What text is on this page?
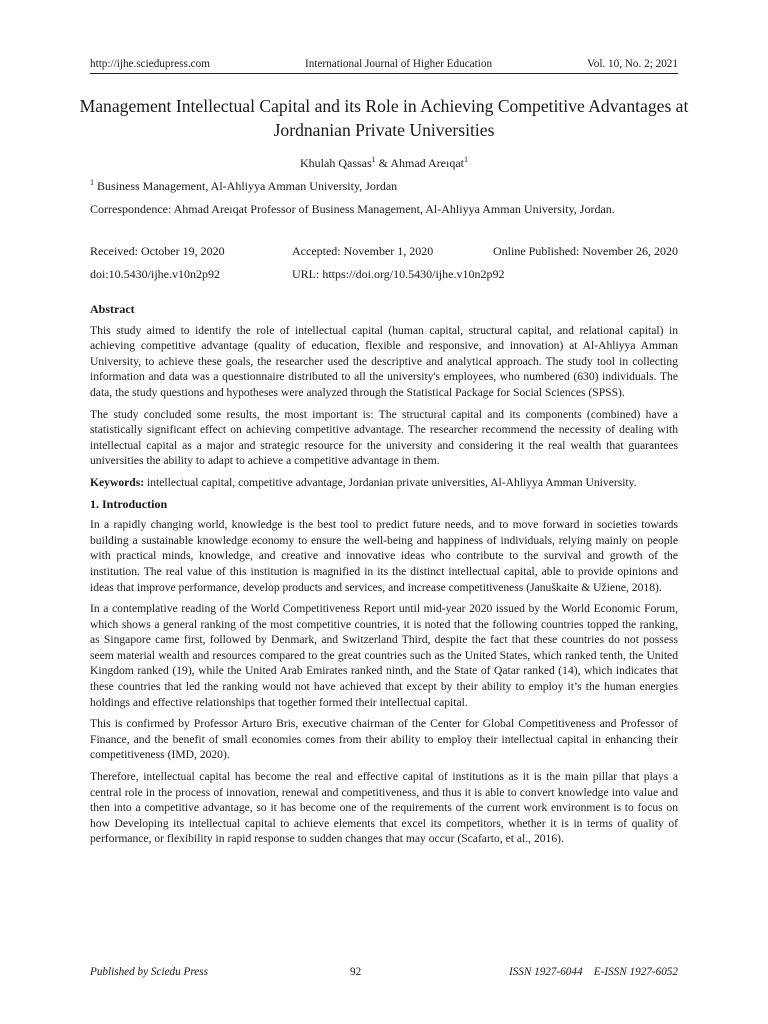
http://ijhe.sciedupress.com	International Journal of Higher Education	Vol. 10, No. 2; 2021
Management Intellectual Capital and its Role in Achieving Competitive Advantages at Jordnanian Private Universities
Khulah Qassas$^1$ & Ahmad Areıqat$^1$
$^1$ Business Management, Al-Ahliyya Amman University, Jordan
Correspondence: Ahmad Areıqat Professor of Business Management, Al-Ahliyya Amman University, Jordan.
Received: October 19, 2020	Accepted: November 1, 2020	Online Published: November 26, 2020
doi:10.5430/ijhe.v10n2p92	URL: https://doi.org/10.5430/ijhe.v10n2p92
Abstract

This study aimed to identify the role of intellectual capital (human capital, structural capital, and relational capital) in achieving competitive advantage (quality of education, flexible and responsive, and innovation) at Al-Ahliyya Amman University, to achieve these goals, the researcher used the descriptive and analytical approach. The study tool in collecting information and data was a questionnaire distributed to all the university's employees, who numbered (630) individuals. The data, the study questions and hypotheses were analyzed through the Statistical Package for Social Sciences (SPSS).

The study concluded some results, the most important is: The structural capital and its components (combined) have a statistically significant effect on achieving competitive advantage. The researcher recommend the necessity of dealing with intellectual capital as a major and strategic resource for the university and considering it the real wealth that guarantees universities the ability to adapt to achieve a competitive advantage in them.

Keywords: intellectual capital, competitive advantage, Jordanian private universities, Al-Ahliyya Amman University.

1. Introduction

In a rapidly changing world, knowledge is the best tool to predict future needs, and to move forward in societies towards building a sustainable knowledge economy to ensure the well-being and happiness of individuals, relying mainly on people with practical minds, knowledge, and creative and innovative ideas who contribute to the survival and growth of the institution. The real value of this institution is magnified in its the distinct intellectual capital, able to provide opinions and ideas that improve performance, develop products and services, and increase competitiveness (Januškaite & Užiene, 2018).

In a contemplative reading of the World Competitiveness Report until mid-year 2020 issued by the World Economic Forum, which shows a general ranking of the most competitive countries, it is noted that the following countries topped the ranking, as Singapore came first, followed by Denmark, and Switzerland Third, despite the fact that these countries do not possess seem material wealth and resources compared to the great countries such as the United States, which ranked tenth, the United Kingdom ranked (19), while the United Arab Emirates ranked ninth, and the State of Qatar ranked (14), which indicates that these countries that led the ranking would not have achieved that except by their ability to employ it’s the human energies holdings and effective relationships that together formed their intellectual capital.

This is confirmed by Professor Arturo Bris, executive chairman of the Center for Global Competitiveness and Professor of Finance, and the benefit of small economies comes from their ability to employ their intellectual capital in enhancing their competitiveness (IMD, 2020).

Therefore, intellectual capital has become the real and effective capital of institutions as it is the main pillar that plays a central role in the process of innovation, renewal and competitiveness, and thus it is able to convert knowledge into value and then into a competitive advantage, so it has become one of the requirements of the current work environment is to focus on how Developing its intellectual capital to achieve elements that excel its competitors, whether it is in terms of quality of performance, or flexibility in rapid response to sudden changes that may occur (Scafarto, et al., 2016).

Published by Sciedu Press	92	ISSN 1927-6044 E-ISSN 1927-6052
